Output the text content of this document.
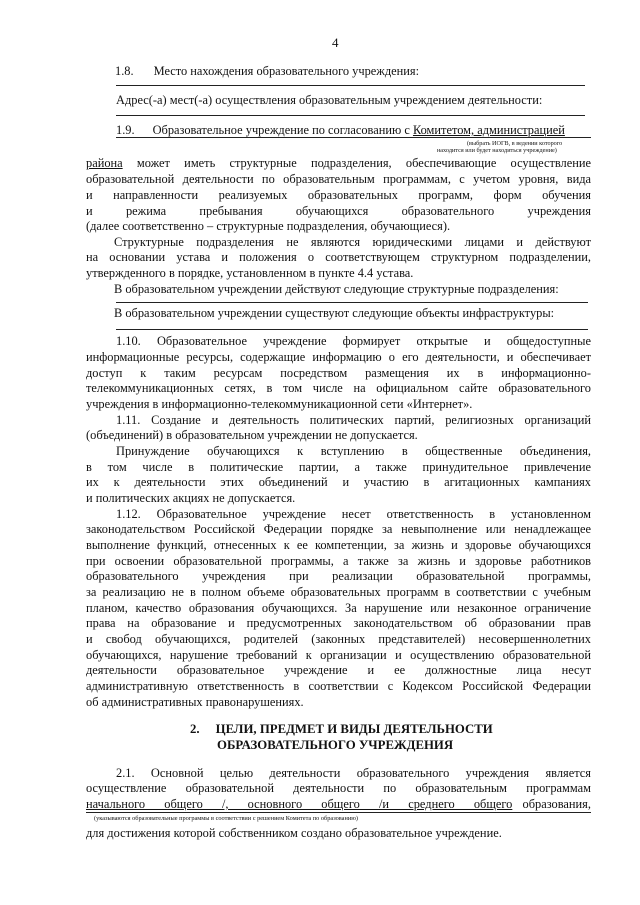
4
1.8. Место нахождения образовательного учреждения:
Адрес(-а) мест(-а) осуществления образовательным учреждением деятельности:
1.9. Образовательное учреждение по согласованию с Комитетом, администрацией
(выбрать ИОГВ, в ведении которого
находится или будет находиться учреждение)
района может иметь структурные подразделения, обеспечивающие осуществление
образовательной деятельности по образовательным программам, с учетом уровня, вида
и направленности реализуемых образовательных программ, форм обучения
и режима пребывания обучающихся образовательного учреждения
(далее соответственно – структурные подразделения, обучающиеся).
Структурные подразделения не являются юридическими лицами и действуют
на основании устава и положения о соответствующем структурном подразделении,
утвержденного в порядке, установленном в пункте 4.4 устава.
В образовательном учреждении действуют следующие структурные подразделения:
В образовательном учреждении существуют следующие объекты инфраструктуры:
1.10. Образовательное учреждение формирует открытые и общедоступные
информационные ресурсы, содержащие информацию о его деятельности, и обеспечивает
доступ к таким ресурсам посредством размещения их в информационно-
телекоммуникационных сетях, в том числе на официальном сайте образовательного
учреждения в информационно-телекоммуникационной сети «Интернет».
1.11. Создание и деятельность политических партий, религиозных организаций
(объединений) в образовательном учреждении не допускается.
Принуждение обучающихся к вступлению в общественные объединения,
в том числе в политические партии, а также принудительное привлечение
их к деятельности этих объединений и участию в агитационных кампаниях
и политических акциях не допускается.
1.12. Образовательное учреждение несет ответственность в установленном
законодательством Российской Федерации порядке за невыполнение или ненадлежащее
выполнение функций, отнесенных к ее компетенции, за жизнь и здоровье обучающихся
при освоении образовательной программы, а также за жизнь и здоровье работников
образовательного учреждения при реализации образовательной программы,
за реализацию не в полном объеме образовательных программ в соответствии с учебным
планом, качество образования обучающихся. За нарушение или незаконное ограничение
права на образование и предусмотренных законодательством об образовании прав
и свобод обучающихся, родителей (законных представителей) несовершеннолетних
обучающихся, нарушение требований к организации и осуществлению образовательной
деятельности образовательное учреждение и ее должностные лица несут
административную ответственность в соответствии с Кодексом Российской Федерации
об административных правонарушениях.
2. ЦЕЛИ, ПРЕДМЕТ И ВИДЫ ДЕЯТЕЛЬНОСТИ
ОБРАЗОВАТЕЛЬНОГО УЧРЕЖДЕНИЯ
2.1. Основной целью деятельности образовательного учреждения является
осуществление образовательной деятельности по образовательным программам
начального общего /, основного общего /и среднего общего образования,
(указываются образовательные программы в соответствии с решением Комитета по образованию)
для достижения которой собственником создано образовательное учреждение.
